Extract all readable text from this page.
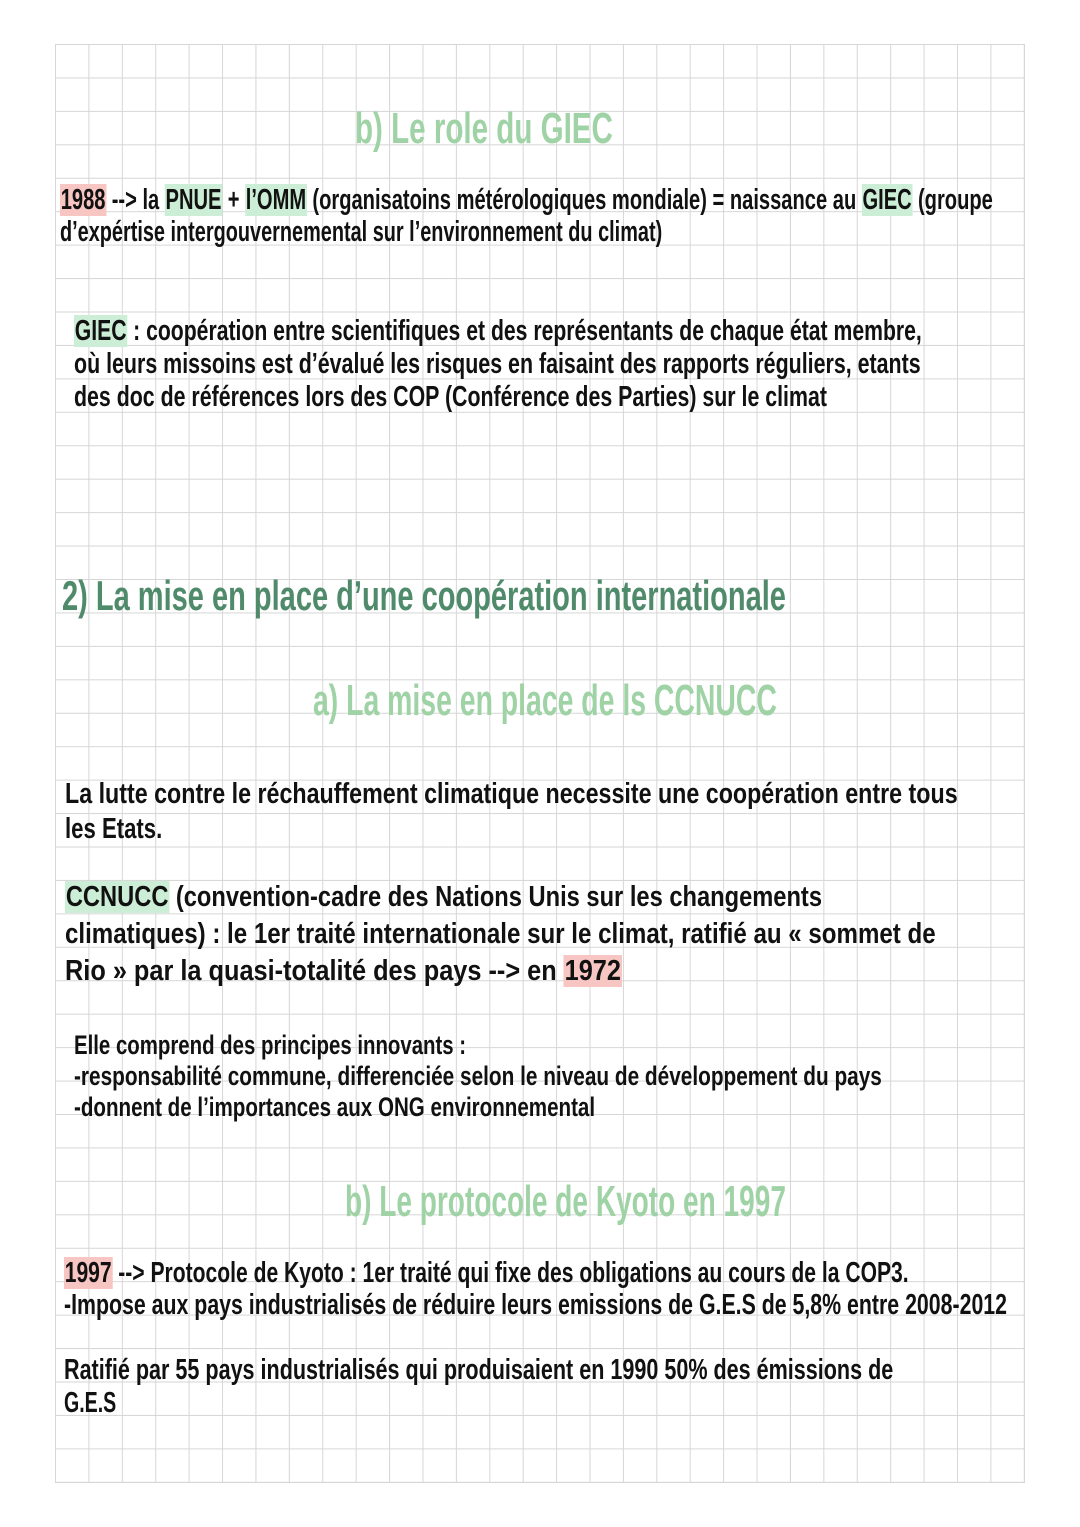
b) Le role du GIEC
1988 --> la PNUE + l’OMM (organisatoins métérologiques mondiale) = naissance au GIEC (groupe
d’expértise intergouvernemental sur l’environnement du climat)
GIEC : coopération entre scientifiques et des représentants de chaque état membre,
où leurs missoins est d’évalué les risques en faisaint des rapports réguliers, etants
des doc de références lors des COP (Conférence des Parties) sur le climat
2) La mise en place d’une coopération internationale
a) La mise en place de ls CCNUCC
La lutte contre le réchauffement climatique necessite une coopération entre tous
les Etats.
CCNUCC (convention-cadre des Nations Unis sur les changements
climatiques) : le 1er traité internationale sur le climat, ratifié au « sommet de
Rio » par la quasi-totalité des pays --> en 1972
Elle comprend des principes innovants :
-responsabilité commune, differenciée selon le niveau de développement du pays
-donnent de l’importances aux ONG environnemental
b) Le protocole de Kyoto en 1997
1997 --> Protocole de Kyoto : 1er traité qui fixe des obligations au cours de la COP3.
-Impose aux pays industrialisés de réduire leurs emissions de G.E.S de 5,8% entre 2008-2012
Ratifié par 55 pays industrialisés qui produisaient en 1990 50% des émissions de
G.E.S
